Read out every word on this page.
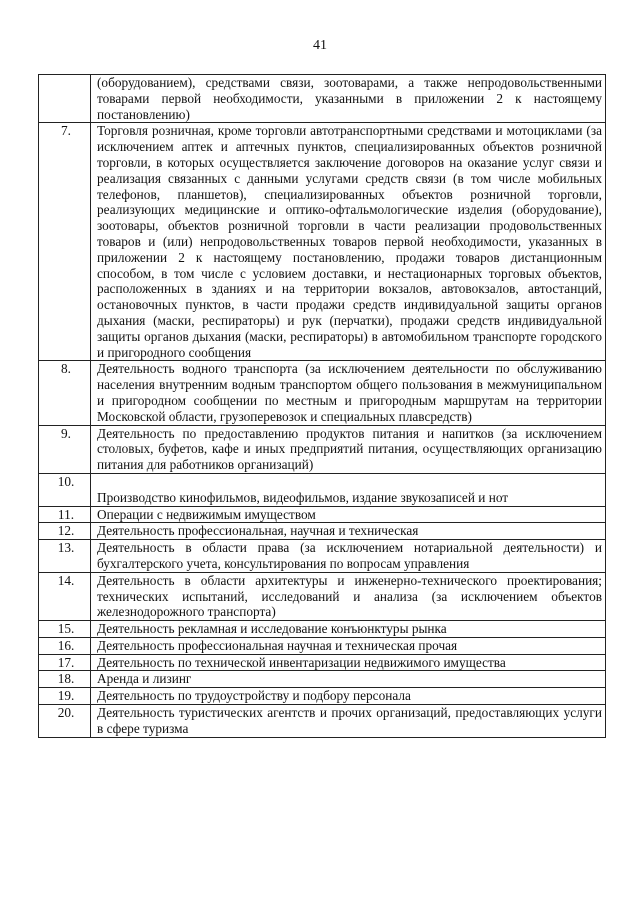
41
	(оборудованием), средствами связи, зоотоварами, а также непродовольственными товарами первой необходимости, указанными в приложении 2 к настоящему постановлению)
7.	Торговля розничная, кроме торговли автотранспортными средствами и мотоциклами (за исключением аптек и аптечных пунктов, специализированных объектов розничной торговли, в которых осуществляется заключение договоров на оказание услуг связи и реализация связанных с данными услугами средств связи (в том числе мобильных телефонов, планшетов), специализированных объектов розничной торговли, реализующих медицинские и оптико-офтальмологические изделия (оборудование), зоотовары, объектов розничной торговли в части реализации продовольственных товаров и (или) непродовольственных товаров первой необходимости, указанных в приложении 2 к настоящему постановлению, продажи товаров дистанционным способом, в том числе с условием доставки, и нестационарных торговых объектов, расположенных в зданиях и на территории вокзалов, автовокзалов, автостанций, остановочных пунктов, в части продажи средств индивидуальной защиты органов дыхания (маски, респираторы) и рук (перчатки), продажи средств индивидуальной защиты органов дыхания (маски, респираторы) в автомобильном транспорте городского и пригородного сообщения
8.	Деятельность водного транспорта (за исключением деятельности по обслуживанию населения внутренним водным транспортом общего пользования в межмуниципальном и пригородном сообщении по местным и пригородным маршрутам на территории Московской области, грузоперевозок и специальных плавсредств)
9.	Деятельность по предоставлению продуктов питания и напитков (за исключением столовых, буфетов, кафе и иных предприятий питания, осуществляющих организацию питания для работников организаций)
10.	Производство кинофильмов, видеофильмов, издание звукозаписей и нот
11.	Операции с недвижимым имуществом
12.	Деятельность профессиональная, научная и техническая
13.	Деятельность в области права (за исключением нотариальной деятельности) и бухгалтерского учета, консультирования по вопросам управления
14.	Деятельность в области архитектуры и инженерно-технического проектирования; технических испытаний, исследований и анализа (за исключением объектов железнодорожного транспорта)
15.	Деятельность рекламная и исследование конъюнктуры рынка
16.	Деятельность профессиональная научная и техническая прочая
17.	Деятельность по технической инвентаризации недвижимого имущества
18.	Аренда и лизинг
19.	Деятельность по трудоустройству и подбору персонала
20.	Деятельность туристических агентств и прочих организаций, предоставляющих услуги в сфере туризма
